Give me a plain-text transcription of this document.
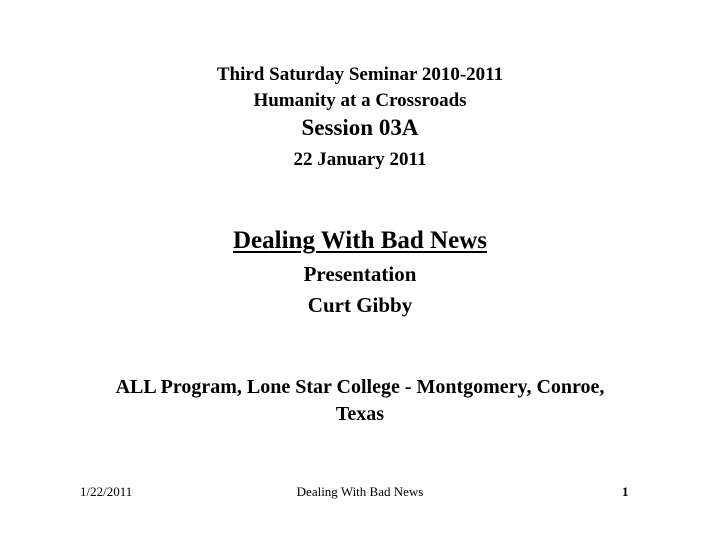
Third Saturday Seminar 2010-2011
Humanity at a Crossroads
Session 03A
22 January 2011
Dealing With Bad News
Presentation
Curt Gibby
ALL Program, Lone Star College - Montgomery, Conroe,
Texas
1/22/2011	Dealing With Bad News	1
